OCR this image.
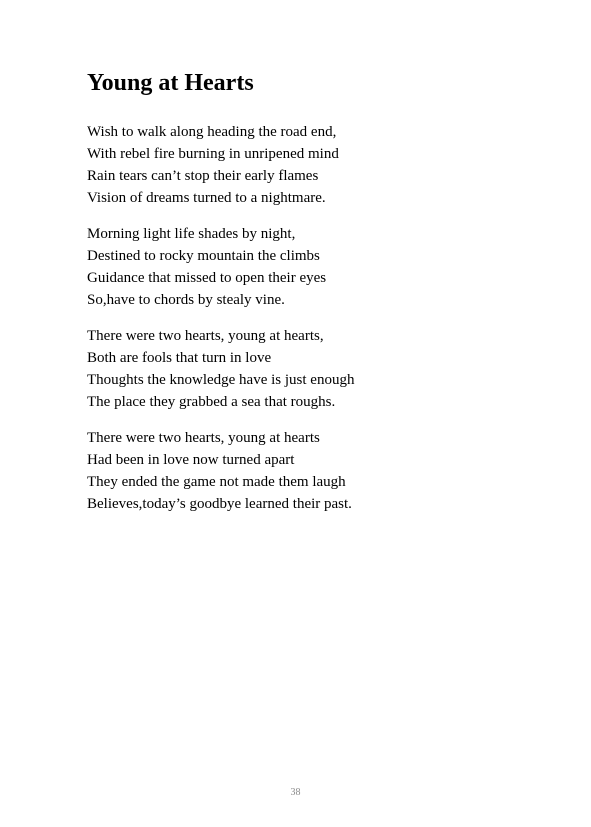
Young at Hearts
Wish to walk along heading the road end,
With rebel fire burning in unripened mind
Rain tears can’t stop their early flames
Vision of dreams turned to a nightmare.
Morning light life shades by night,
Destined to rocky mountain the climbs
Guidance that missed to open their eyes
So,have to chords by stealy vine.
There were two hearts, young at hearts,
Both are fools that turn in love
Thoughts the knowledge have is just enough
The place they grabbed a sea that roughs.
There were two hearts, young at hearts
Had been in love now turned apart
They ended the game not made them laugh
Believes,today’s goodbye learned their past.
38
